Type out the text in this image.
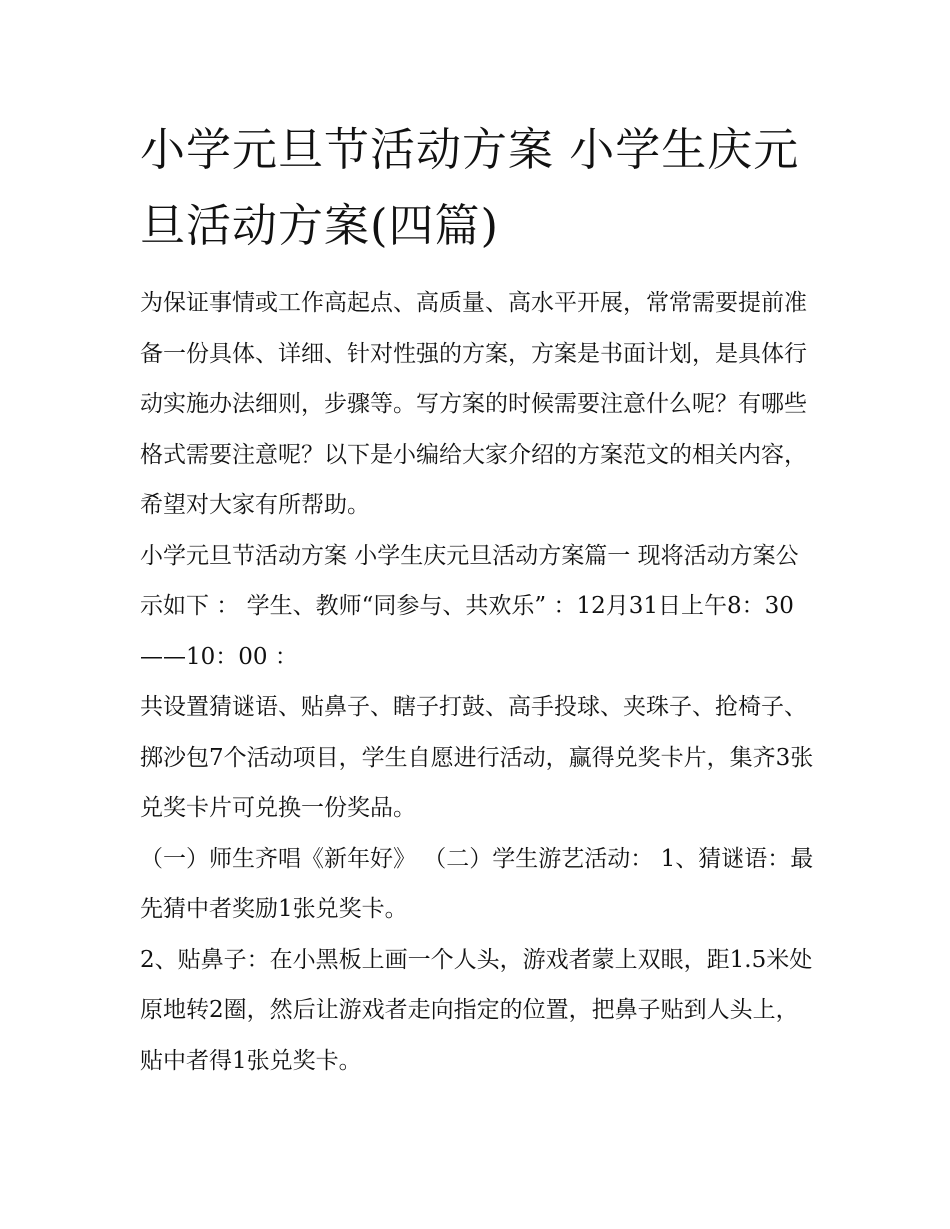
小学元旦节活动方案 小学生庆元旦活动方案(四篇)

为保证事情或工作高起点、高质量、高水平开展，常常需要提前准备一份具体、详细、针对性强的方案，方案是书面计划，是具体行动实施办法细则，步骤等。写方案的时候需要注意什么呢？有哪些格式需要注意呢？以下是小编给大家介绍的方案范文的相关内容，希望对大家有所帮助。

小学元旦节活动方案 小学生庆元旦活动方案篇一 现将活动方案公示如下 ： 学生、教师“同参与、共欢乐” ：12月31日上午8：30——10：00 ：

共设置猜谜语、贴鼻子、瞎子打鼓、高手投球、夹珠子、抢椅子、掷沙包7个活动项目，学生自愿进行活动，赢得兑奖卡片，集齐3张兑奖卡片可兑换一份奖品。

（一）师生齐唱《新年好》 （二）学生游艺活动： 1、猜谜语：最先猜中者奖励1张兑奖卡。

2、贴鼻子：在小黑板上画一个人头，游戏者蒙上双眼，距1.5米处原地转2圈，然后让游戏者走向指定的位置，把鼻子贴到人头上，贴中者得1张兑奖卡。
